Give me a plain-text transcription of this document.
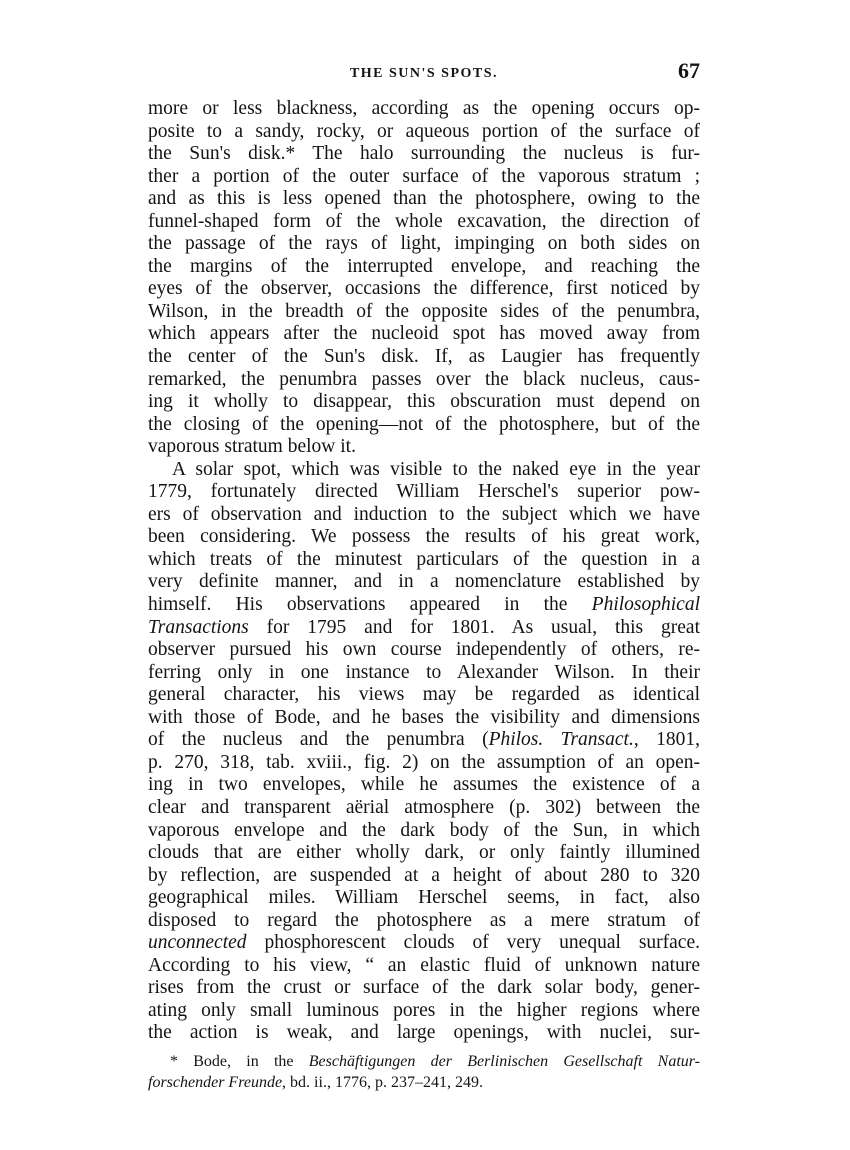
THE SUN'S SPOTS.	67
more or less blackness, according as the opening occurs op-
posite to a sandy, rocky, or aqueous portion of the surface of
the Sun's disk.* The halo surrounding the nucleus is fur-
ther a portion of the outer surface of the vaporous stratum ;
and as this is less opened than the photosphere, owing to the
funnel-shaped form of the whole excavation, the direction of
the passage of the rays of light, impinging on both sides on
the margins of the interrupted envelope, and reaching the
eyes of the observer, occasions the difference, first noticed by
Wilson, in the breadth of the opposite sides of the penumbra,
which appears after the nucleoid spot has moved away from
the center of the Sun's disk. If, as Laugier has frequently
remarked, the penumbra passes over the black nucleus, caus-
ing it wholly to disappear, this obscuration must depend on
the closing of the opening—not of the photosphere, but of the
vaporous stratum below it.
A solar spot, which was visible to the naked eye in the year
1779, fortunately directed William Herschel's superior pow-
ers of observation and induction to the subject which we have
been considering. We possess the results of his great work,
which treats of the minutest particulars of the question in a
very definite manner, and in a nomenclature established by
himself. His observations appeared in the Philosophical
Transactions for 1795 and for 1801. As usual, this great
observer pursued his own course independently of others, re-
ferring only in one instance to Alexander Wilson. In their
general character, his views may be regarded as identical
with those of Bode, and he bases the visibility and dimensions
of the nucleus and the penumbra (Philos. Transact., 1801,
p. 270, 318, tab. xviii., fig. 2) on the assumption of an open-
ing in two envelopes, while he assumes the existence of a
clear and transparent aërial atmosphere (p. 302) between the
vaporous envelope and the dark body of the Sun, in which
clouds that are either wholly dark, or only faintly illumined
by reflection, are suspended at a height of about 280 to 320
geographical miles. William Herschel seems, in fact, also
disposed to regard the photosphere as a mere stratum of
unconnected phosphorescent clouds of very unequal surface.
According to his view, “ an elastic fluid of unknown nature
rises from the crust or surface of the dark solar body, gener-
ating only small luminous pores in the higher regions where
the action is weak, and large openings, with nuclei, sur-
* Bode, in the Beschäftigungen der Berlinischen Gesellschaft Natur-
forschender Freunde, bd. ii., 1776, p. 237–241, 249.
